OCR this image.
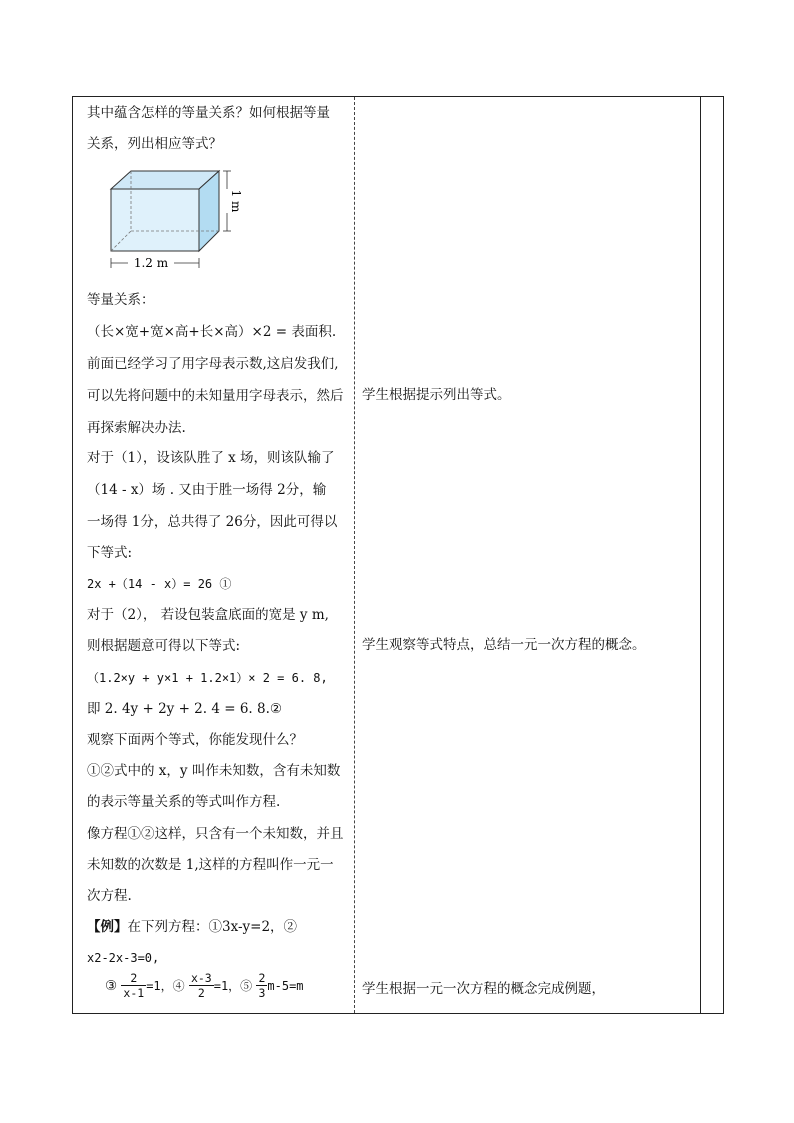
其中蕴含怎样的等量关系？如何根据等量
关系，列出相应等式？
1.2 m
1 m
等量关系：
（长×宽+宽×高+长×高）×2 = 表面积.
前面已经学习了用字母表示数,这启发我们,
可以先将问题中的未知量用字母表示，然后
再探索解决办法.
对于（1），设该队胜了 x 场，则该队输了
（14 - x）场 . 又由于胜一场得 2分，输
一场得 1分，总共得了 26分，因此可得以
下等式:
2x +（14 - x）= 26 ①
对于（2）， 若设包装盒底面的宽是 y m,
则根据题意可得以下等式:
（1.2×y + y×1 + 1.2×1）× 2 = 6. 8,
即 2. 4y + 2y + 2. 4 = 6. 8.②
观察下面两个等式，你能发现什么？
①②式中的 x，y 叫作未知数，含有未知数
的表示等量关系的等式叫作方程.
像方程①②这样，只含有一个未知数，并且
未知数的次数是 1,这样的方程叫作一元一
次方程.
【例】在下列方程：①3x-y=2，②
x2-2x-3=0,
③ $\frac{2}{x-1} =1$，④ $\frac{x-3}{2} =1$，⑤ $\frac{2}{3} m-5=m$
学生根据提示列出等式。
学生观察等式特点，总结一元一次方程的概念。
学生根据一元一次方程的概念完成例题，
